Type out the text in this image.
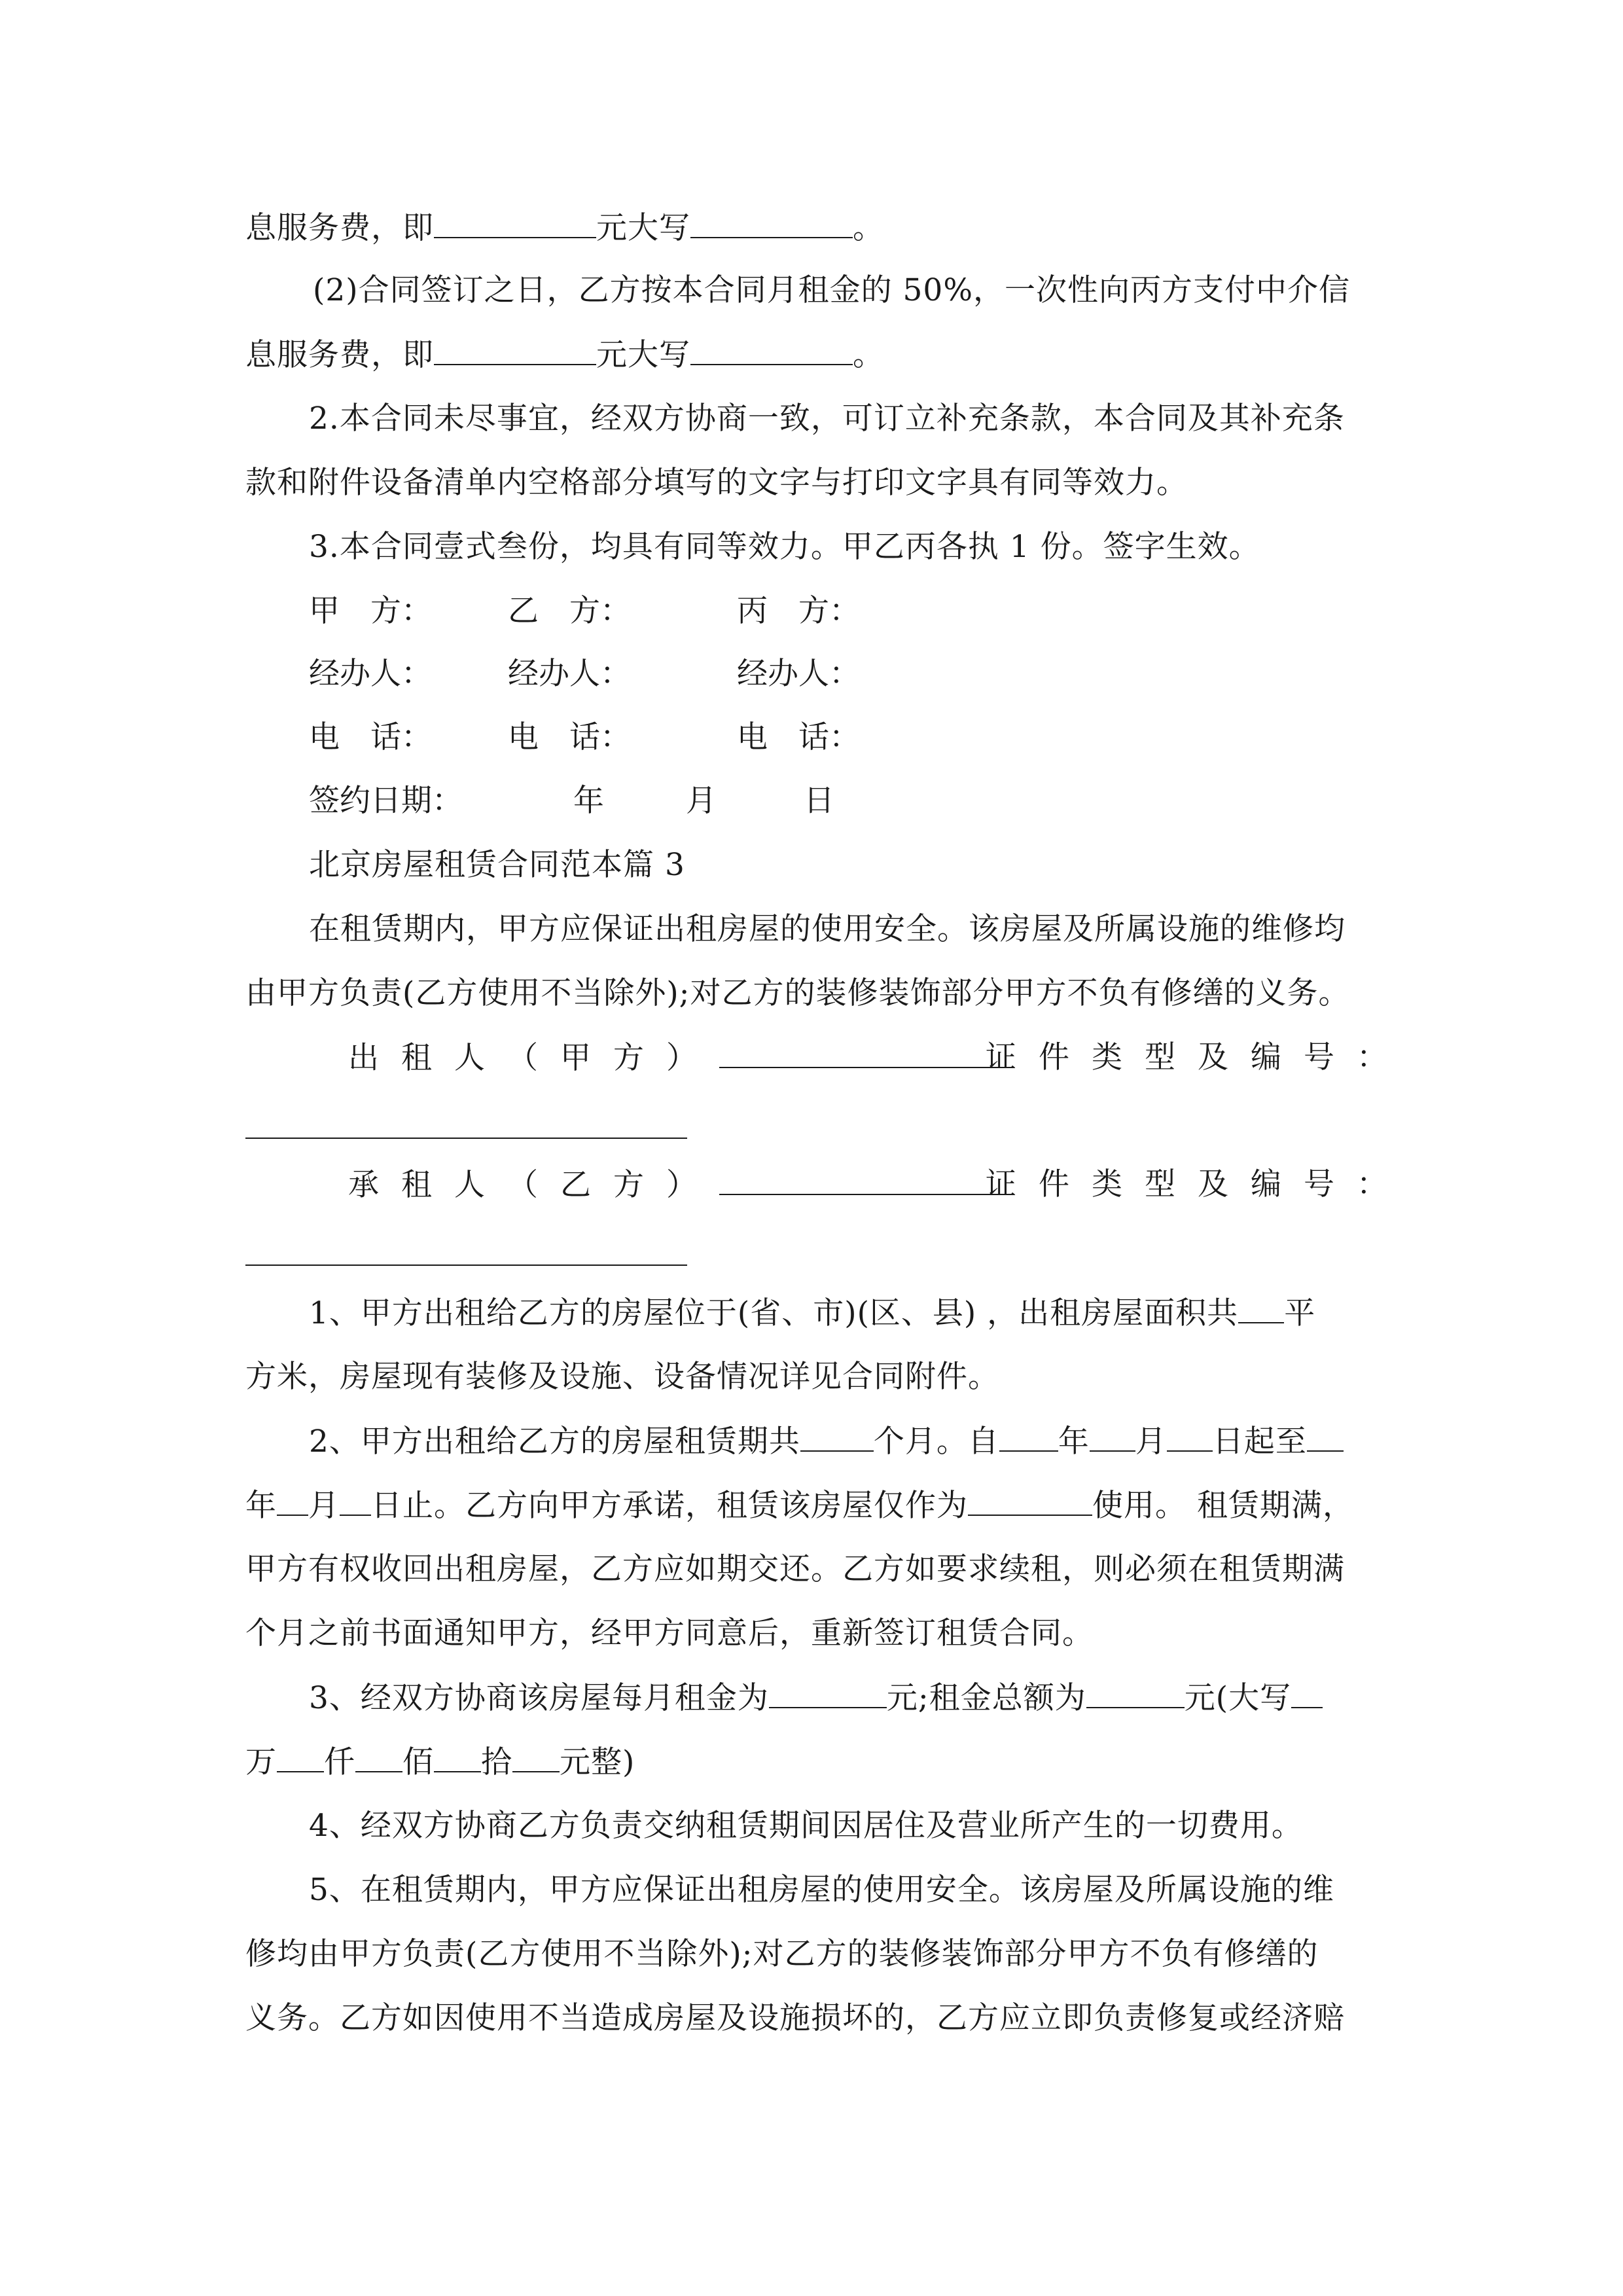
息服务费，即	元大写	。
(2)合同签订之日，乙方按本合同月租金的 50%，一次性向丙方支付中介信
息服务费，即	元大写	。
2.本合同未尽事宜，经双方协商一致，可订立补充条款，本合同及其补充条
款和附件设备清单内空格部分填写的文字与打印文字具有同等效力。
3.本合同壹式叁份，均具有同等效力。甲乙丙各执 1 份。签字生效。
甲　方： 乙　方：	丙　方：
经办人： 经办人：	经办人：
电　话： 电　话：	电　话：
签约日期：	年	月	日
北京房屋租赁合同范本篇 3
在租赁期内，甲方应保证出租房屋的使用安全。该房屋及所属设施的维修均
由甲方负责(乙方使用不当除外);对乙方的装修装饰部分甲方不负有修缮的义务。
出租人（甲方）	证件类型及编号：
承租人（乙方）	证件类型及编号：
1、甲方出租给乙方的房屋位于(省、市)(区、县) ，出租房屋面积共 平
方米，房屋现有装修及设施、设备情况详见合同附件。
2、甲方出租给乙方的房屋租赁期共 个月。自 年 月 日起至
年 月 日止。乙方向甲方承诺，租赁该房屋仅作为	使用。 租赁期满，
甲方有权收回出租房屋，乙方应如期交还。乙方如要求续租，则必须在租赁期满
个月之前书面通知甲方，经甲方同意后，重新签订租赁合同。
3、经双方协商该房屋每月租金为	元;租金总额为	元(大写
万 仟 佰 拾 元整)
4、经双方协商乙方负责交纳租赁期间因居住及营业所产生的一切费用。
5、在租赁期内，甲方应保证出租房屋的使用安全。该房屋及所属设施的维
修均由甲方负责(乙方使用不当除外);对乙方的装修装饰部分甲方不负有修缮的
义务。乙方如因使用不当造成房屋及设施损坏的，乙方应立即负责修复或经济赔
